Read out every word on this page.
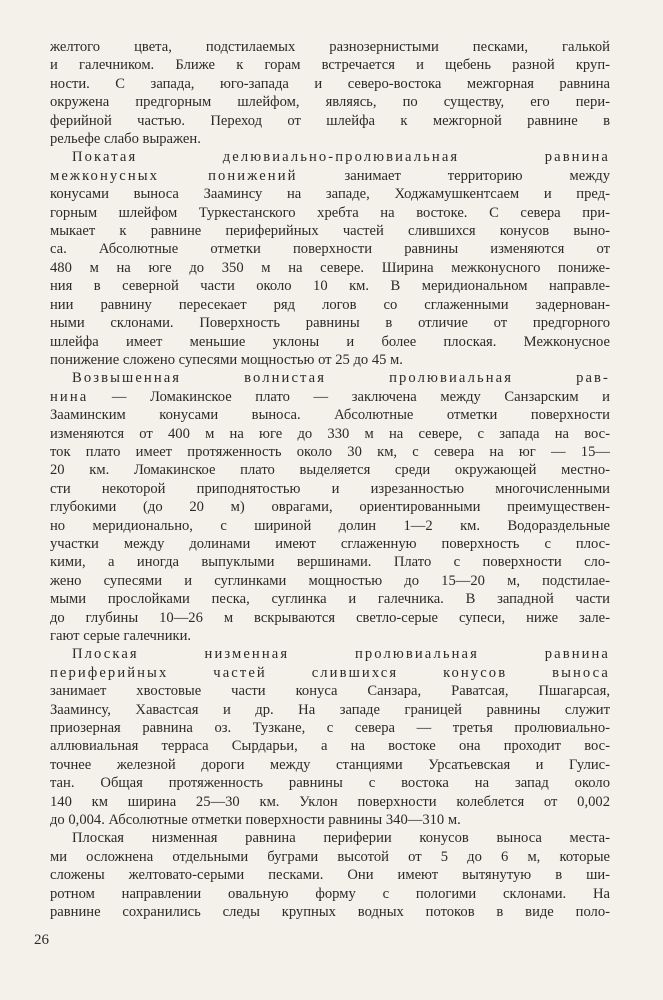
желтого цвета, подстилаемых разнозернистыми песками, галькой
и галечником. Ближе к горам встречается и щебень разной круп-
ности. С запада, юго-запада и северо-востока межгорная равнина
окружена предгорным шлейфом, являясь, по существу, его пери-
ферийной частью. Переход от шлейфа к межгорной равнине в
рельефе слабо выражен.
Покатая делювиально-пролювиальная равнина
межконусных понижений занимает территорию между
конусами выноса Зааминсу на западе, Ходжамушкентсаем и пред-
горным шлейфом Туркестанского хребта на востоке. С севера при-
мыкает к равнине периферийных частей слившихся конусов выно-
са. Абсолютные отметки поверхности равнины изменяются от
480 м на юге до 350 м на севере. Ширина межконусного пониже-
ния в северной части около 10 км. В меридиональном направле-
нии равнину пересекает ряд логов со сглаженными задернован-
ными склонами. Поверхность равнины в отличие от предгорного
шлейфа имеет меньшие уклоны и более плоская. Межконусное
понижение сложено супесями мощностью от 25 до 45 м.
Возвышенная волнистая пролювиальная рав-
нина — Ломакинское плато — заключена между Санзарским и
Зааминским конусами выноса. Абсолютные отметки поверхности
изменяются от 400 м на юге до 330 м на севере, с запада на вос-
ток плато имеет протяженность около 30 км, с севера на юг — 15—
20 км. Ломакинское плато выделяется среди окружающей местно-
сти некоторой приподнятостью и изрезанностью многочисленными
глубокими (до 20 м) оврагами, ориентированными преимуществен-
но меридионально, с шириной долин 1—2 км. Водораздельные
участки между долинами имеют сглаженную поверхность с плос-
кими, а иногда выпуклыми вершинами. Плато с поверхности сло-
жено супесями и суглинками мощностью до 15—20 м, подстилае-
мыми прослойками песка, суглинка и галечника. В западной части
до глубины 10—26 м вскрываются светло-серые супеси, ниже зале-
гают серые галечники.
Плоская низменная пролювиальная равнина
периферийных частей слившихся конусов выноса
занимает хвостовые части конуса Санзара, Раватсая, Пшагарсая,
Зааминсу, Хавастсая и др. На западе границей равнины служит
приозерная равнина оз. Тузкане, с севера — третья пролювиально-
аллювиальная терраса Сырдарьи, а на востоке она проходит вос-
точнее железной дороги между станциями Урсатьевская и Гулис-
тан. Общая протяженность равнины с востока на запад около
140 км ширина 25—30 км. Уклон поверхности колеблется от 0,002
до 0,004. Абсолютные отметки поверхности равнины 340—310 м.
Плоская низменная равнина периферии конусов выноса места-
ми осложнена отдельными буграми высотой от 5 до 6 м, которые
сложены желтовато-серыми песками. Они имеют вытянутую в ши-
ротном направлении овальную форму с пологими склонами. На
равнине сохранились следы крупных водных потоков в виде поло-
26
